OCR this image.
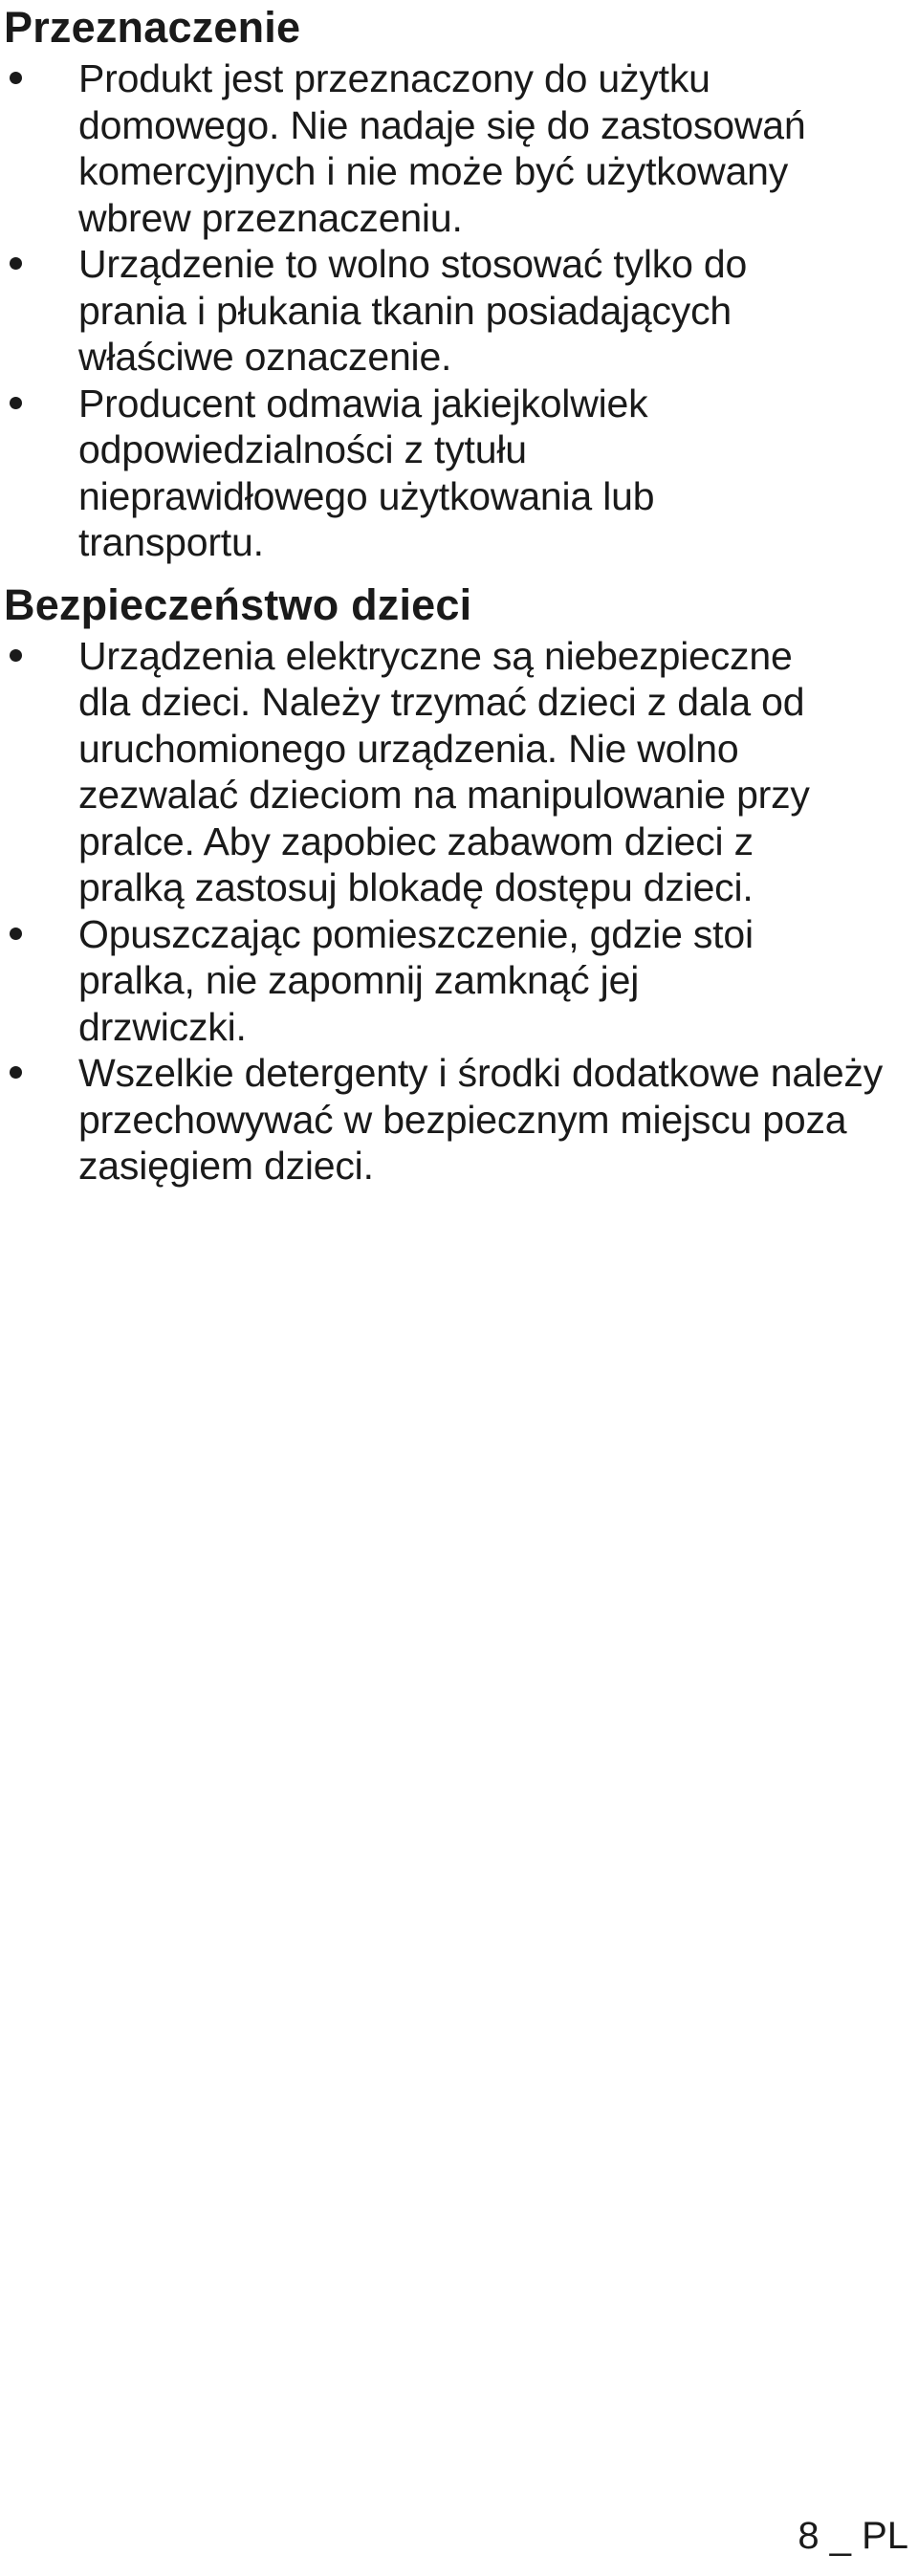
Przeznaczenie
Produkt jest przeznaczony do użytku domowego. Nie nadaje się do zastosowań komercyjnych i nie może być użytkowany wbrew przeznaczeniu.
Urządzenie to wolno stosować tylko do prania i płukania tkanin posiadających właściwe oznaczenie.
Producent odmawia jakiejkolwiek odpowiedzialności z tytułu nieprawidłowego użytkowania lub transportu.
Bezpieczeństwo dzieci
Urządzenia elektryczne są niebezpieczne dla dzieci. Należy trzymać dzieci z dala od uruchomionego urządzenia. Nie wolno zezwalać dzieciom na manipulowanie przy pralce. Aby zapobiec zabawom dzieci z pralką zastosuj blokadę dostępu dzieci.
Opuszczając pomieszczenie, gdzie stoi pralka, nie zapomnij zamknąć jej drzwiczki.
Wszelkie detergenty i środki dodatkowe należy przechowywać w bezpiecznym miejscu poza zasięgiem dzieci.
8 _ PL
